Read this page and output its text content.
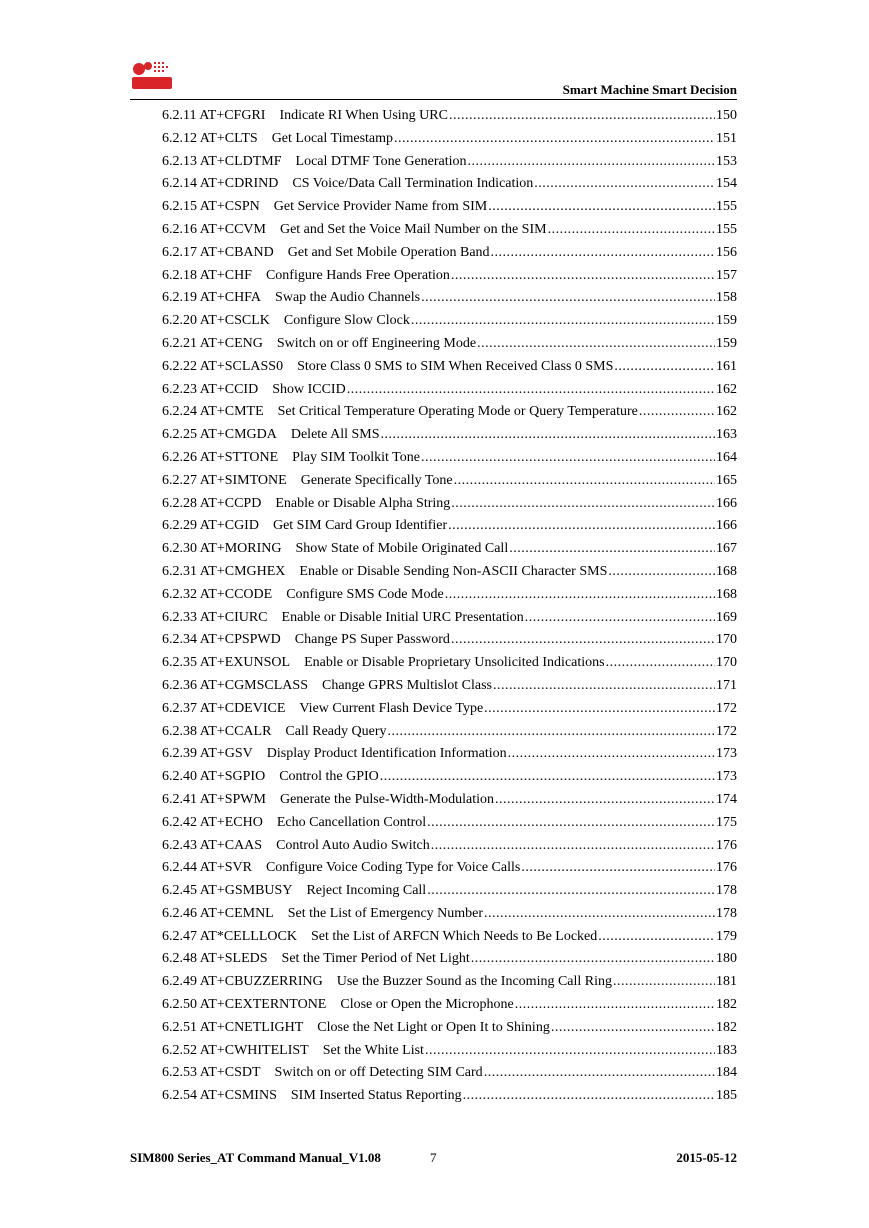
Smart Machine Smart Decision
6.2.11 AT+CFGRI	Indicate RI When Using URC .....	150
6.2.12 AT+CLTS	Get Local Timestamp .....	151
6.2.13 AT+CLDTMF	Local DTMF Tone Generation .....	153
6.2.14 AT+CDRIND	CS Voice/Data Call Termination Indication .....	154
6.2.15 AT+CSPN	Get Service Provider Name from SIM .....	155
6.2.16 AT+CCVM	Get and Set the Voice Mail Number on the SIM .....	155
6.2.17 AT+CBAND	Get and Set Mobile Operation Band .....	156
6.2.18 AT+CHF	Configure Hands Free Operation .....	157
6.2.19 AT+CHFA	Swap the Audio Channels .....	158
6.2.20 AT+CSCLK	Configure Slow Clock .....	159
6.2.21 AT+CENG	Switch on or off Engineering Mode .....	159
6.2.22 AT+SCLASS0	Store Class 0 SMS to SIM When Received Class 0 SMS .....	161
6.2.23 AT+CCID	Show ICCID .....	162
6.2.24 AT+CMTE	Set Critical Temperature Operating Mode or Query Temperature .....	162
6.2.25 AT+CMGDA	Delete All SMS .....	163
6.2.26 AT+STTONE	Play SIM Toolkit Tone .....	164
6.2.27 AT+SIMTONE	Generate Specifically Tone .....	165
6.2.28 AT+CCPD	Enable or Disable Alpha String .....	166
6.2.29 AT+CGID	Get SIM Card Group Identifier .....	166
6.2.30 AT+MORING	Show State of Mobile Originated Call .....	167
6.2.31 AT+CMGHEX	Enable or Disable Sending Non-ASCII Character SMS .....	168
6.2.32 AT+CCODE	Configure SMS Code Mode .....	168
6.2.33 AT+CIURC	Enable or Disable Initial URC Presentation .....	169
6.2.34 AT+CPSPWD	Change PS Super Password .....	170
6.2.35 AT+EXUNSOL	Enable or Disable Proprietary Unsolicited Indications .....	170
6.2.36 AT+CGMSCLASS	Change GPRS Multislot Class .....	171
6.2.37 AT+CDEVICE	View Current Flash Device Type .....	172
6.2.38 AT+CCALR	Call Ready Query .....	172
6.2.39 AT+GSV	Display Product Identification Information .....	173
6.2.40 AT+SGPIO	Control the GPIO .....	173
6.2.41 AT+SPWM	Generate the Pulse-Width-Modulation .....	174
6.2.42 AT+ECHO	Echo Cancellation Control .....	175
6.2.43 AT+CAAS	Control Auto Audio Switch .....	176
6.2.44 AT+SVR	Configure Voice Coding Type for Voice Calls .....	176
6.2.45 AT+GSMBUSY	Reject Incoming Call .....	178
6.2.46 AT+CEMNL	Set the List of Emergency Number .....	178
6.2.47 AT*CELLLOCK	Set the List of ARFCN Which Needs to Be Locked .....	179
6.2.48 AT+SLEDS	Set the Timer Period of Net Light .....	180
6.2.49 AT+CBUZZERRING	Use the Buzzer Sound as the Incoming Call Ring .....	181
6.2.50 AT+CEXTERNTONE	Close or Open the Microphone .....	182
6.2.51 AT+CNETLIGHT	Close the Net Light or Open It to Shining .....	182
6.2.52 AT+CWHITELIST	Set the White List .....	183
6.2.53 AT+CSDT	Switch on or off Detecting SIM Card .....	184
6.2.54 AT+CSMINS	SIM Inserted Status Reporting .....	185
SIM800 Series_AT Command Manual_V1.08	7	2015-05-12
